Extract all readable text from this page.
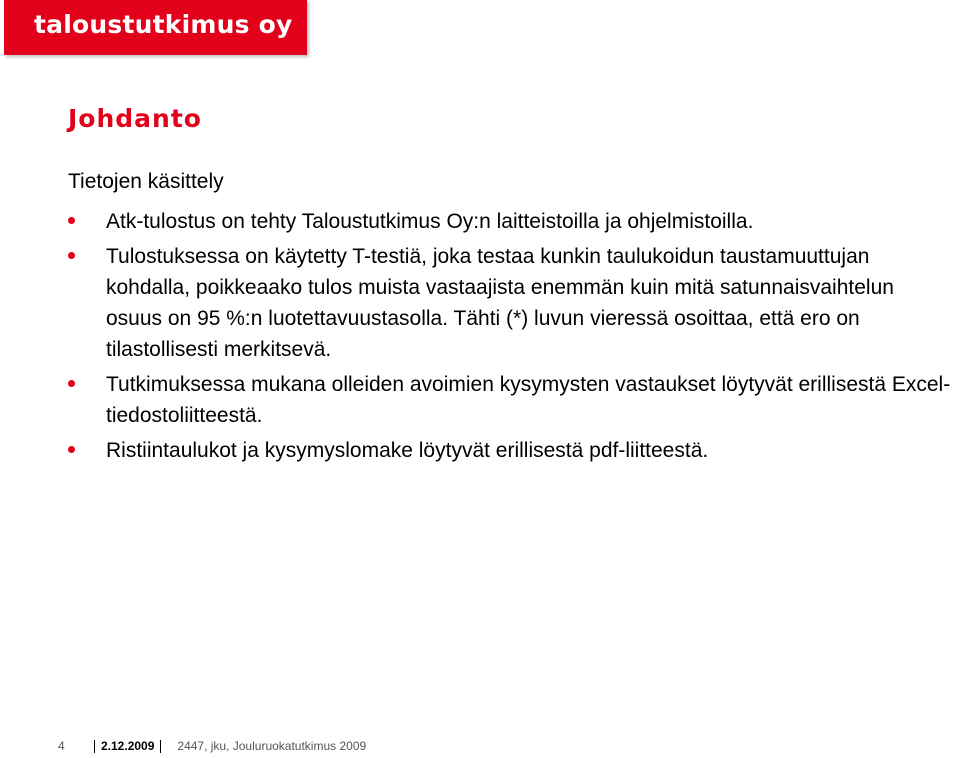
taloustutkimus oy
Johdanto
Tietojen käsittely
Atk-tulostus on tehty Taloustutkimus Oy:n laitteistoilla ja ohjelmistoilla.
Tulostuksessa on käytetty T-testiä, joka testaa kunkin taulukoidun taustamuuttujan kohdalla, poikkeaako tulos muista vastaajista enemmän kuin mitä satunnaisvaihtelun osuus on 95 %:n luotettavuustasolla. Tähti (*) luvun vieressä osoittaa, että ero on tilastollisesti merkitsevä.
Tutkimuksessa mukana olleiden avoimien kysymysten vastaukset löytyvät erillisestä Excel-tiedostoliitteestä.
Ristiintaulukot ja kysymyslomake löytyvät erillisestä pdf-liitteestä.
4	2.12.2009 2447, jku, Jouluruokatutkimus 2009
